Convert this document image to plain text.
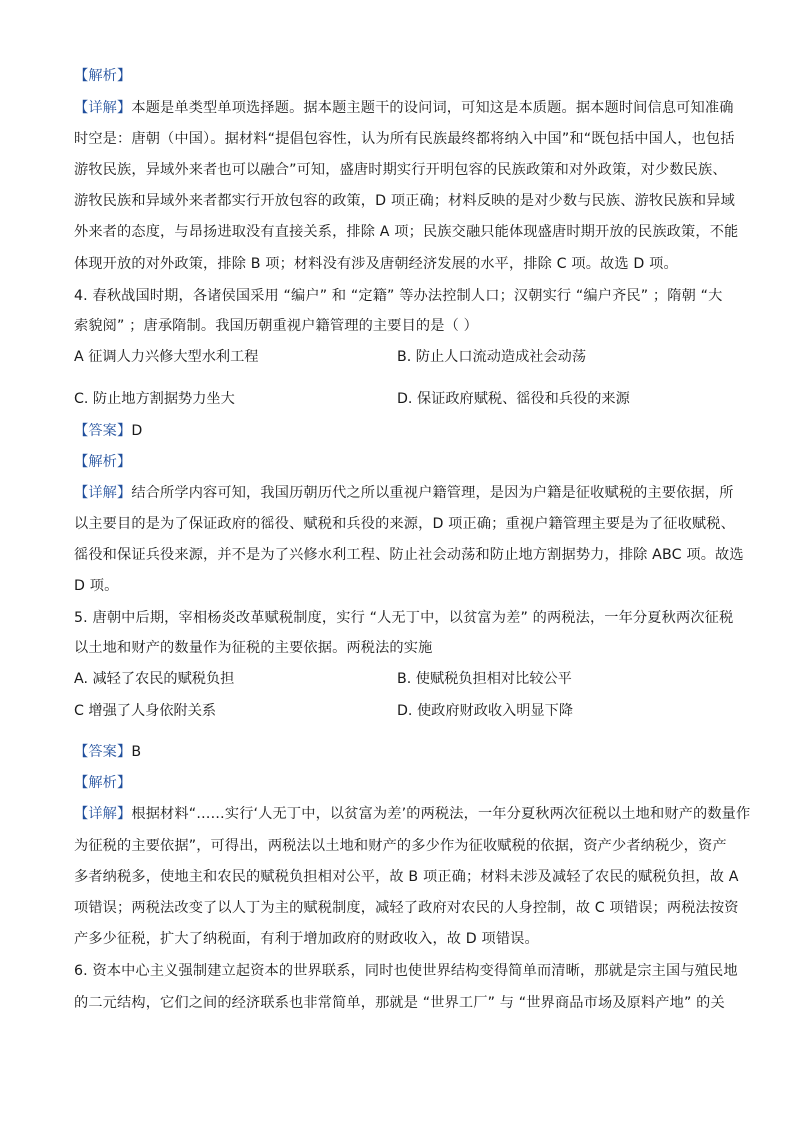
【解析】
【详解】本题是单类型单项选择题。据本题主题干的设问词，可知这是本质题。据本题时间信息可知准确
时空是：唐朝（中国）。据材料“提倡包容性，认为所有民族最终都将纳入中国”和“既包括中国人，也包括
游牧民族，异域外来者也可以融合”可知，盛唐时期实行开明包容的民族政策和对外政策，对少数民族、
游牧民族和异域外来者都实行开放包容的政策，D 项正确；材料反映的是对少数与民族、游牧民族和异域
外来者的态度，与昂扬进取没有直接关系，排除 A 项；民族交融只能体现盛唐时期开放的民族政策，不能
体现开放的对外政策，排除 B 项；材料没有涉及唐朝经济发展的水平，排除 C 项。故选 D 项。
4. 春秋战国时期，各诸侯国采用 “编户” 和 “定籍” 等办法控制人口；汉朝实行 “编户齐民” ；隋朝 “大
索貌阅” ；唐承隋制。我国历朝重视户籍管理的主要目的是（ ）
A 征调人力兴修大型水利工程	B. 防止人口流动造成社会动荡
C. 防止地方割据势力坐大	D. 保证政府赋税、徭役和兵役的来源
【答案】D
【解析】
【详解】结合所学内容可知，我国历朝历代之所以重视户籍管理，是因为户籍是征收赋税的主要依据，所
以主要目的是为了保证政府的徭役、赋税和兵役的来源，D 项正确；重视户籍管理主要是为了征收赋税、
徭役和保证兵役来源，并不是为了兴修水利工程、防止社会动荡和防止地方割据势力，排除 ABC 项。故选
D 项。
5. 唐朝中后期，宰相杨炎改革赋税制度，实行 “人无丁中，以贫富为差” 的两税法，一年分夏秋两次征税
以土地和财产的数量作为征税的主要依据。两税法的实施
A. 减轻了农民的赋税负担	B. 使赋税负担相对比较公平
C 增强了人身依附关系	D. 使政府财政收入明显下降
【答案】B
【解析】
【详解】根据材料“……实行‘人无丁中，以贫富为差’的两税法，一年分夏秋两次征税以土地和财产的数量作
为征税的主要依据”，可得出，两税法以土地和财产的多少作为征收赋税的依据，资产少者纳税少，资产
多者纳税多，使地主和农民的赋税负担相对公平，故 B 项正确；材料未涉及减轻了农民的赋税负担，故 A
项错误；两税法改变了以人丁为主的赋税制度，减轻了政府对农民的人身控制，故 C 项错误；两税法按资
产多少征税，扩大了纳税面，有利于增加政府的财政收入，故 D 项错误。
6. 资本中心主义强制建立起资本的世界联系，同时也使世界结构变得简单而清晰，那就是宗主国与殖民地
的二元结构，它们之间的经济联系也非常简单，那就是 “世界工厂” 与 “世界商品市场及原料产地” 的关
